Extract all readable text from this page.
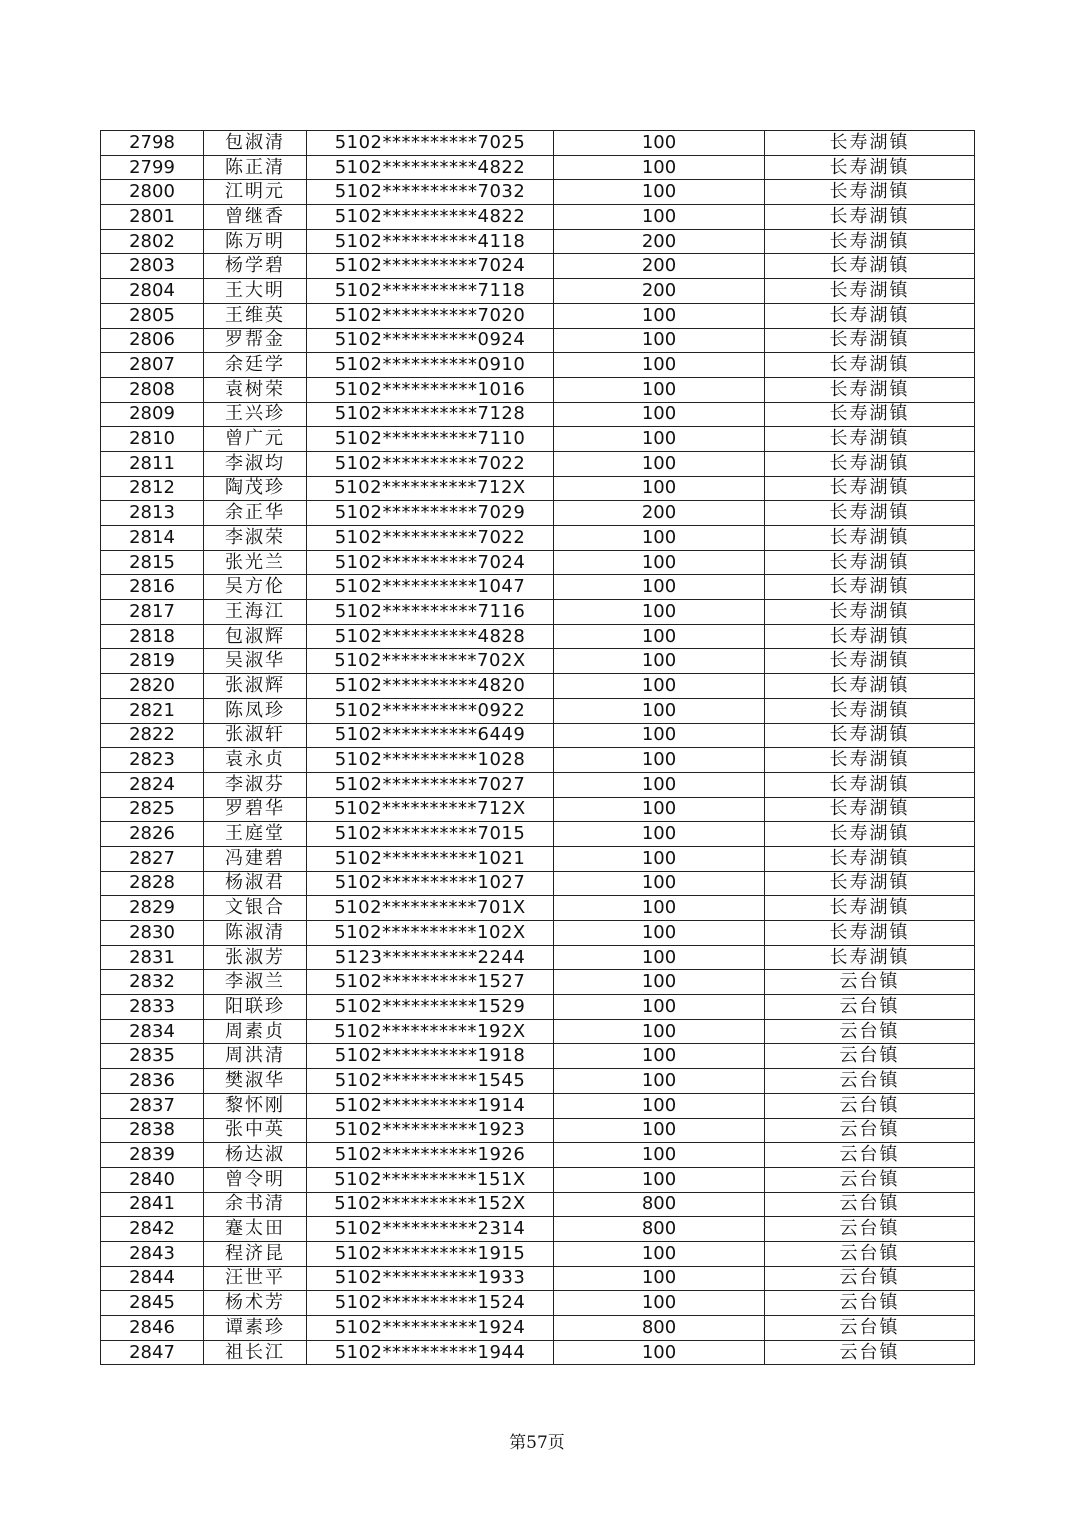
2798	包淑清	5102**********7025	100	长寿湖镇
2799	陈正清	5102**********4822	100	长寿湖镇
2800	江明元	5102**********7032	100	长寿湖镇
2801	曾继香	5102**********4822	100	长寿湖镇
2802	陈万明	5102**********4118	200	长寿湖镇
2803	杨学碧	5102**********7024	200	长寿湖镇
2804	王大明	5102**********7118	200	长寿湖镇
2805	王维英	5102**********7020	100	长寿湖镇
2806	罗帮金	5102**********0924	100	长寿湖镇
2807	余廷学	5102**********0910	100	长寿湖镇
2808	袁树荣	5102**********1016	100	长寿湖镇
2809	王兴珍	5102**********7128	100	长寿湖镇
2810	曾广元	5102**********7110	100	长寿湖镇
2811	李淑均	5102**********7022	100	长寿湖镇
2812	陶茂珍	5102**********712X	100	长寿湖镇
2813	余正华	5102**********7029	200	长寿湖镇
2814	李淑荣	5102**********7022	100	长寿湖镇
2815	张光兰	5102**********7024	100	长寿湖镇
2816	吴方伦	5102**********1047	100	长寿湖镇
2817	王海江	5102**********7116	100	长寿湖镇
2818	包淑辉	5102**********4828	100	长寿湖镇
2819	吴淑华	5102**********702X	100	长寿湖镇
2820	张淑辉	5102**********4820	100	长寿湖镇
2821	陈凤珍	5102**********0922	100	长寿湖镇
2822	张淑轩	5102**********6449	100	长寿湖镇
2823	袁永贞	5102**********1028	100	长寿湖镇
2824	李淑芬	5102**********7027	100	长寿湖镇
2825	罗碧华	5102**********712X	100	长寿湖镇
2826	王庭堂	5102**********7015	100	长寿湖镇
2827	冯建碧	5102**********1021	100	长寿湖镇
2828	杨淑君	5102**********1027	100	长寿湖镇
2829	文银合	5102**********701X	100	长寿湖镇
2830	陈淑清	5102**********102X	100	长寿湖镇
2831	张淑芳	5123**********2244	100	长寿湖镇
2832	李淑兰	5102**********1527	100	云台镇
2833	阳联珍	5102**********1529	100	云台镇
2834	周素贞	5102**********192X	100	云台镇
2835	周洪清	5102**********1918	100	云台镇
2836	樊淑华	5102**********1545	100	云台镇
2837	黎怀刚	5102**********1914	100	云台镇
2838	张中英	5102**********1923	100	云台镇
2839	杨达淑	5102**********1926	100	云台镇
2840	曾令明	5102**********151X	100	云台镇
2841	余书清	5102**********152X	800	云台镇
2842	蹇太田	5102**********2314	800	云台镇
2843	程济昆	5102**********1915	100	云台镇
2844	汪世平	5102**********1933	100	云台镇
2845	杨术芳	5102**********1524	100	云台镇
2846	谭素珍	5102**********1924	800	云台镇
2847	祖长江	5102**********1944	100	云台镇
第57页
